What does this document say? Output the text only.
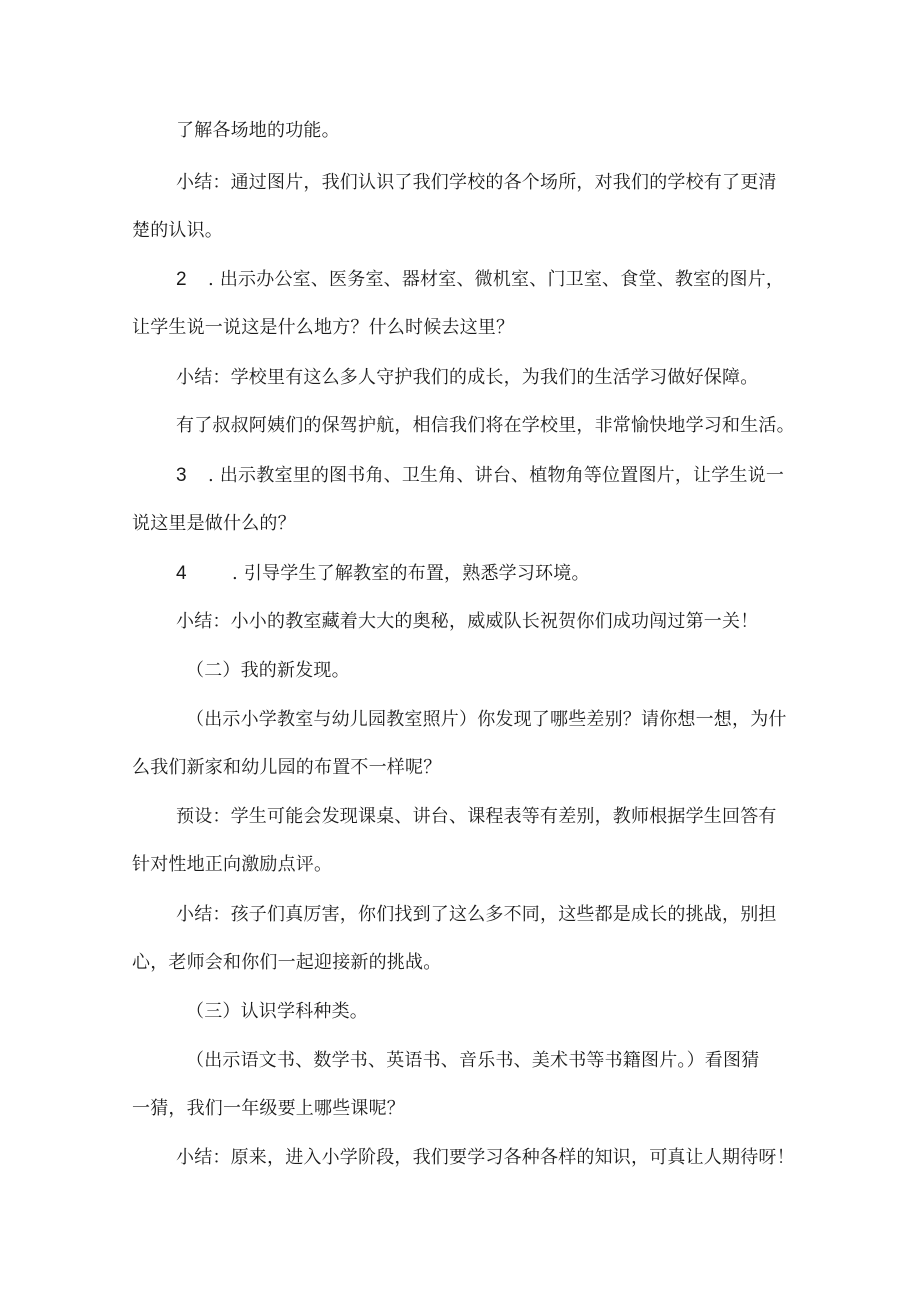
了解各场地的功能。
小结：通过图片，我们认识了我们学校的各个场所，对我们的学校有了更清
楚的认识。
2 . 出示办公室、医务室、器材室、微机室、门卫室、食堂、教室的图片，
让学生说一说这是什么地方？什么时候去这里？
小结：学校里有这么多人守护我们的成长，为我们的生活学习做好保障。
有了叔叔阿姨们的保驾护航，相信我们将在学校里，非常愉快地学习和生活。
3 . 出示教室里的图书角、卫生角、讲台、植物角等位置图片，让学生说一
说这里是做什么的？
4	. 引导学生了解教室的布置，熟悉学习环境。
小结：小小的教室藏着大大的奥秘，威威队长祝贺你们成功闯过第一关！
（二）我的新发现。
（出示小学教室与幼儿园教室照片）你发现了哪些差别？请你想一想，为什
么我们新家和幼儿园的布置不一样呢？
预设：学生可能会发现课桌、讲台、课程表等有差别，教师根据学生回答有
针对性地正向激励点评。
小结：孩子们真厉害，你们找到了这么多不同，这些都是成长的挑战，别担
心，老师会和你们一起迎接新的挑战。
（三）认识学科种类。
（出示语文书、数学书、英语书、音乐书、美术书等书籍图片。）看图猜
一猜，我们一年级要上哪些课呢？
小结：原来，进入小学阶段，我们要学习各种各样的知识，可真让人期待呀！
